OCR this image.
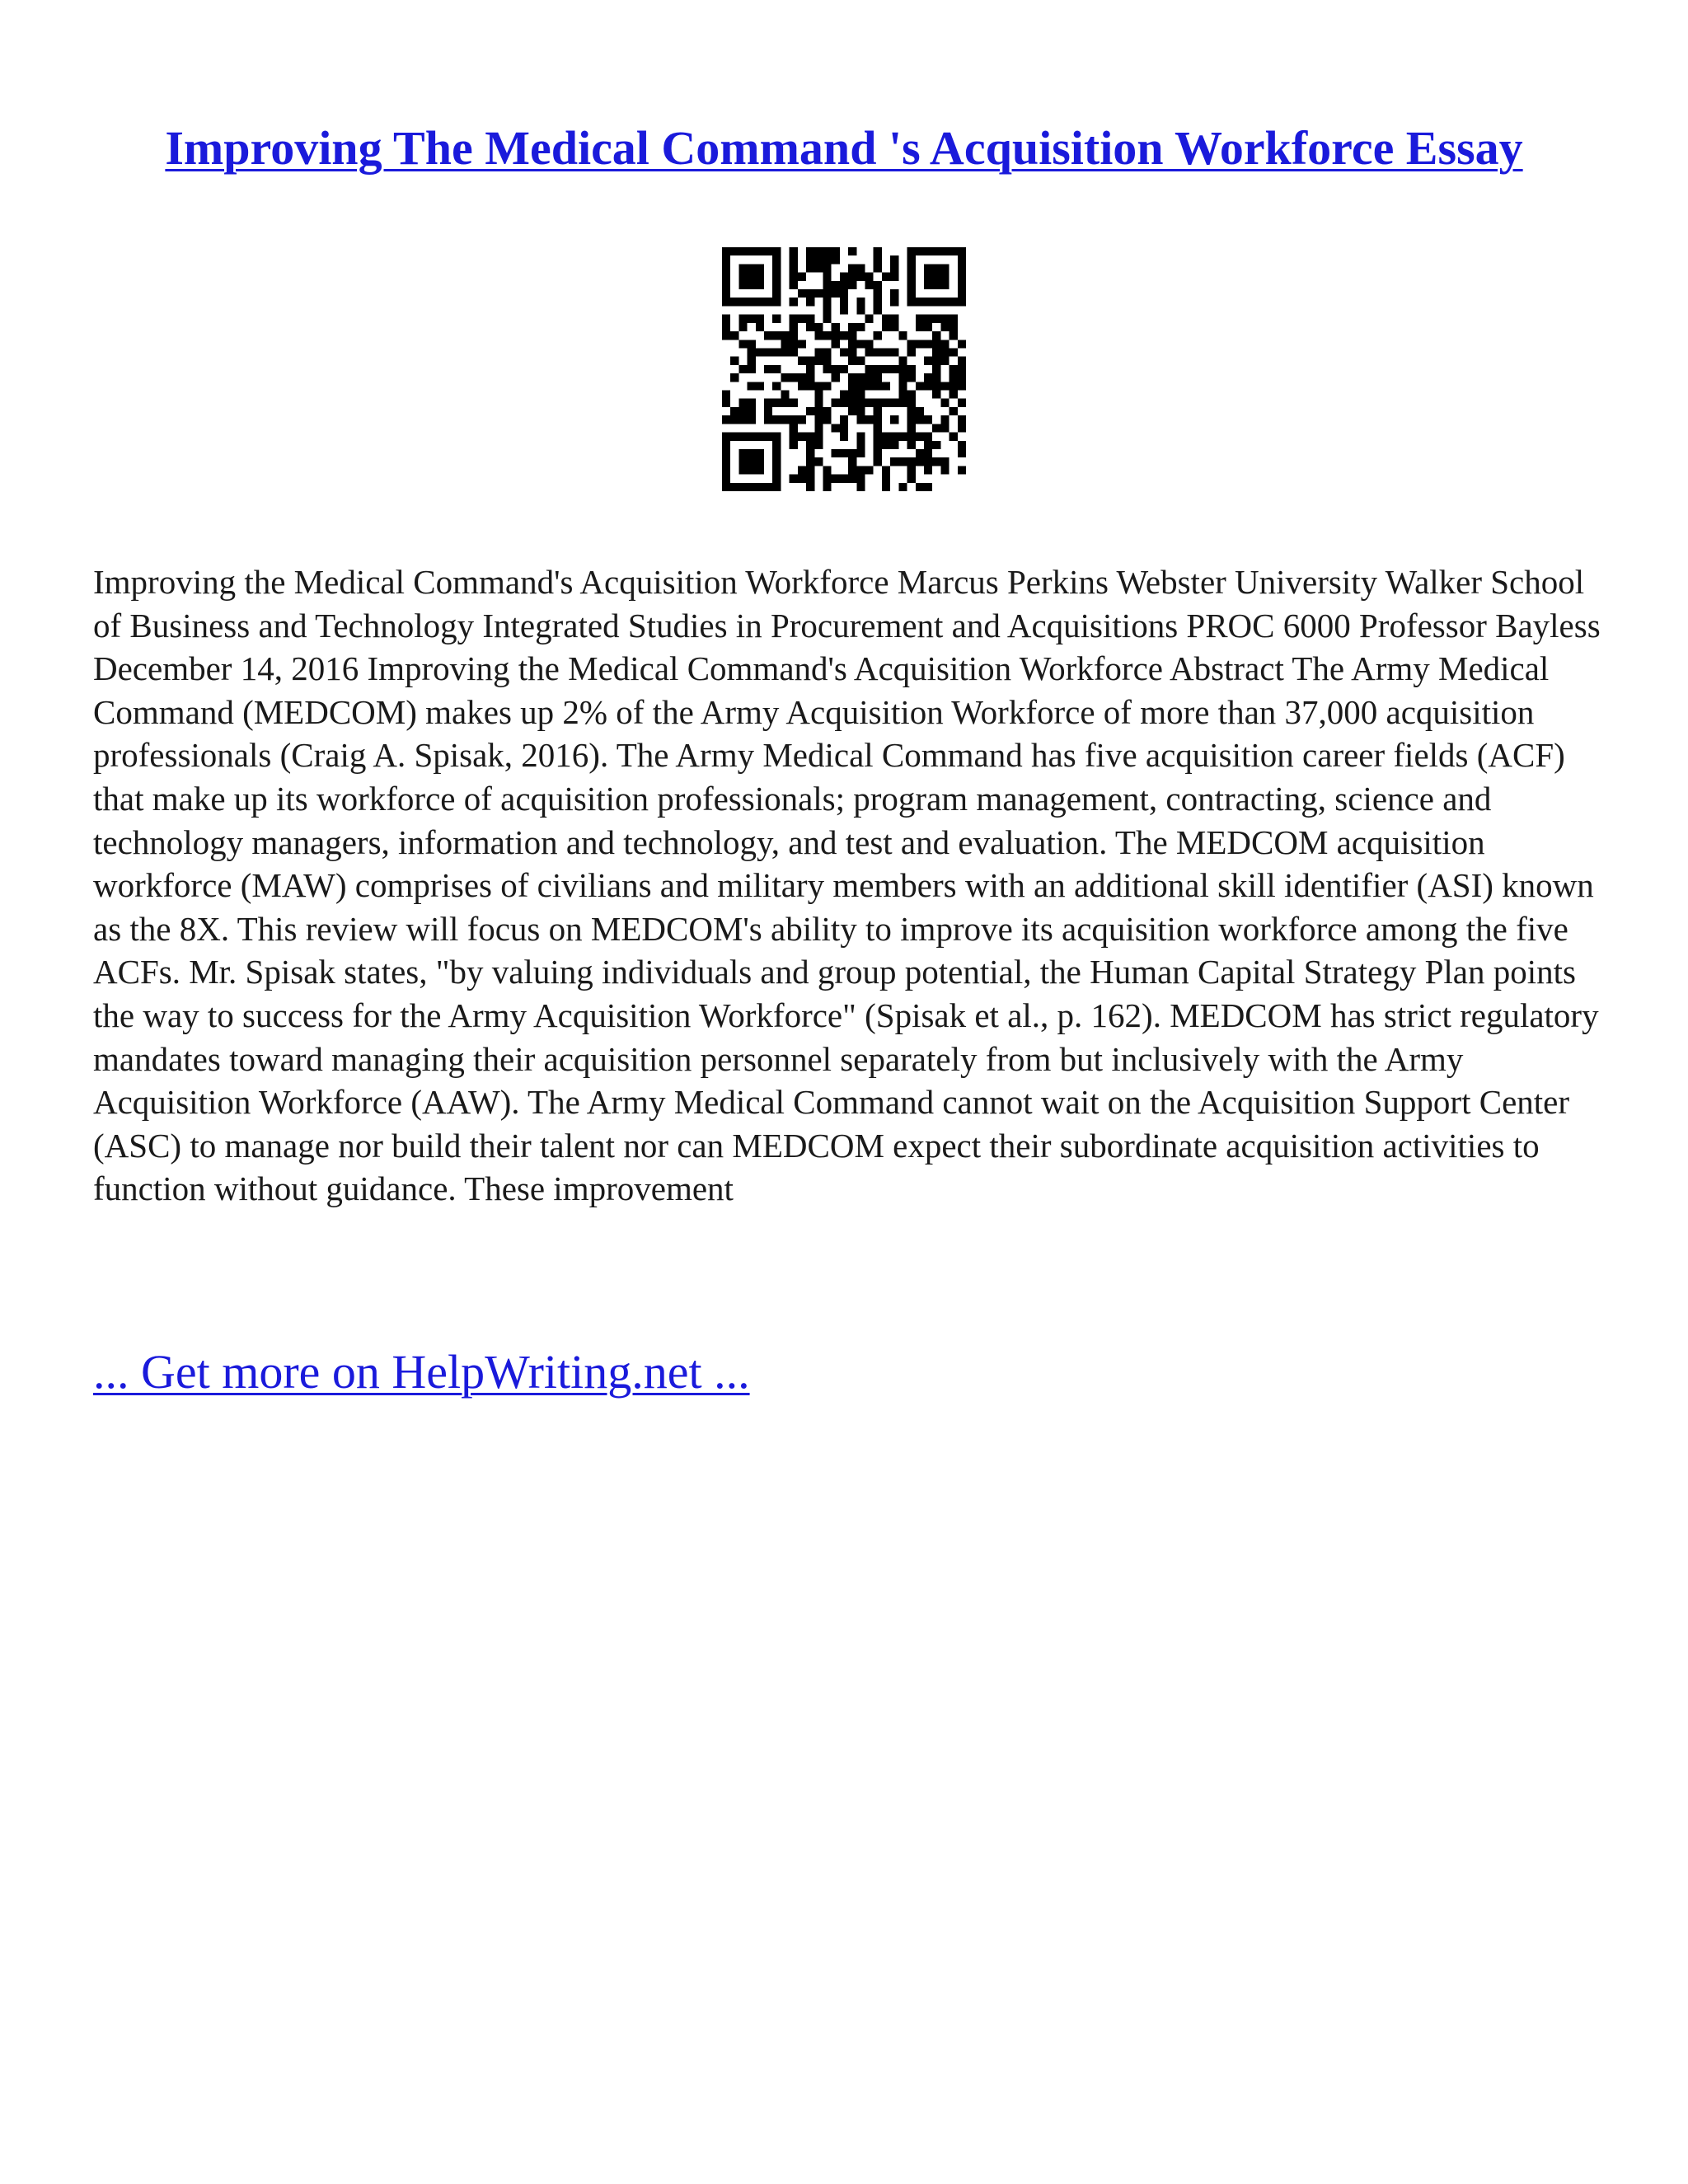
Improving The Medical Command 's Acquisition Workforce Essay

Improving the Medical Command's Acquisition Workforce Marcus Perkins Webster University Walker School of Business and Technology Integrated Studies in Procurement and Acquisitions PROC 6000 Professor Bayless December 14, 2016 Improving the Medical Command's Acquisition Workforce Abstract The Army Medical Command (MEDCOM) makes up 2% of the Army Acquisition Workforce of more than 37,000 acquisition professionals (Craig A. Spisak, 2016). The Army Medical Command has five acquisition career fields (ACF) that make up its workforce of acquisition professionals; program management, contracting, science and technology managers, information and technology, and test and evaluation. The MEDCOM acquisition workforce (MAW) comprises of civilians and military members with an additional skill identifier (ASI) known as the 8X. This review will focus on MEDCOM's ability to improve its acquisition workforce among the five ACFs. Mr. Spisak states, "by valuing individuals and group potential, the Human Capital Strategy Plan points the way to success for the Army Acquisition Workforce" (Spisak et al., p. 162). MEDCOM has strict regulatory mandates toward managing their acquisition personnel separately from but inclusively with the Army Acquisition Workforce (AAW). The Army Medical Command cannot wait on the Acquisition Support Center (ASC) to manage nor build their talent nor can MEDCOM expect their subordinate acquisition activities to function without guidance. These improvement

... Get more on HelpWriting.net ...
